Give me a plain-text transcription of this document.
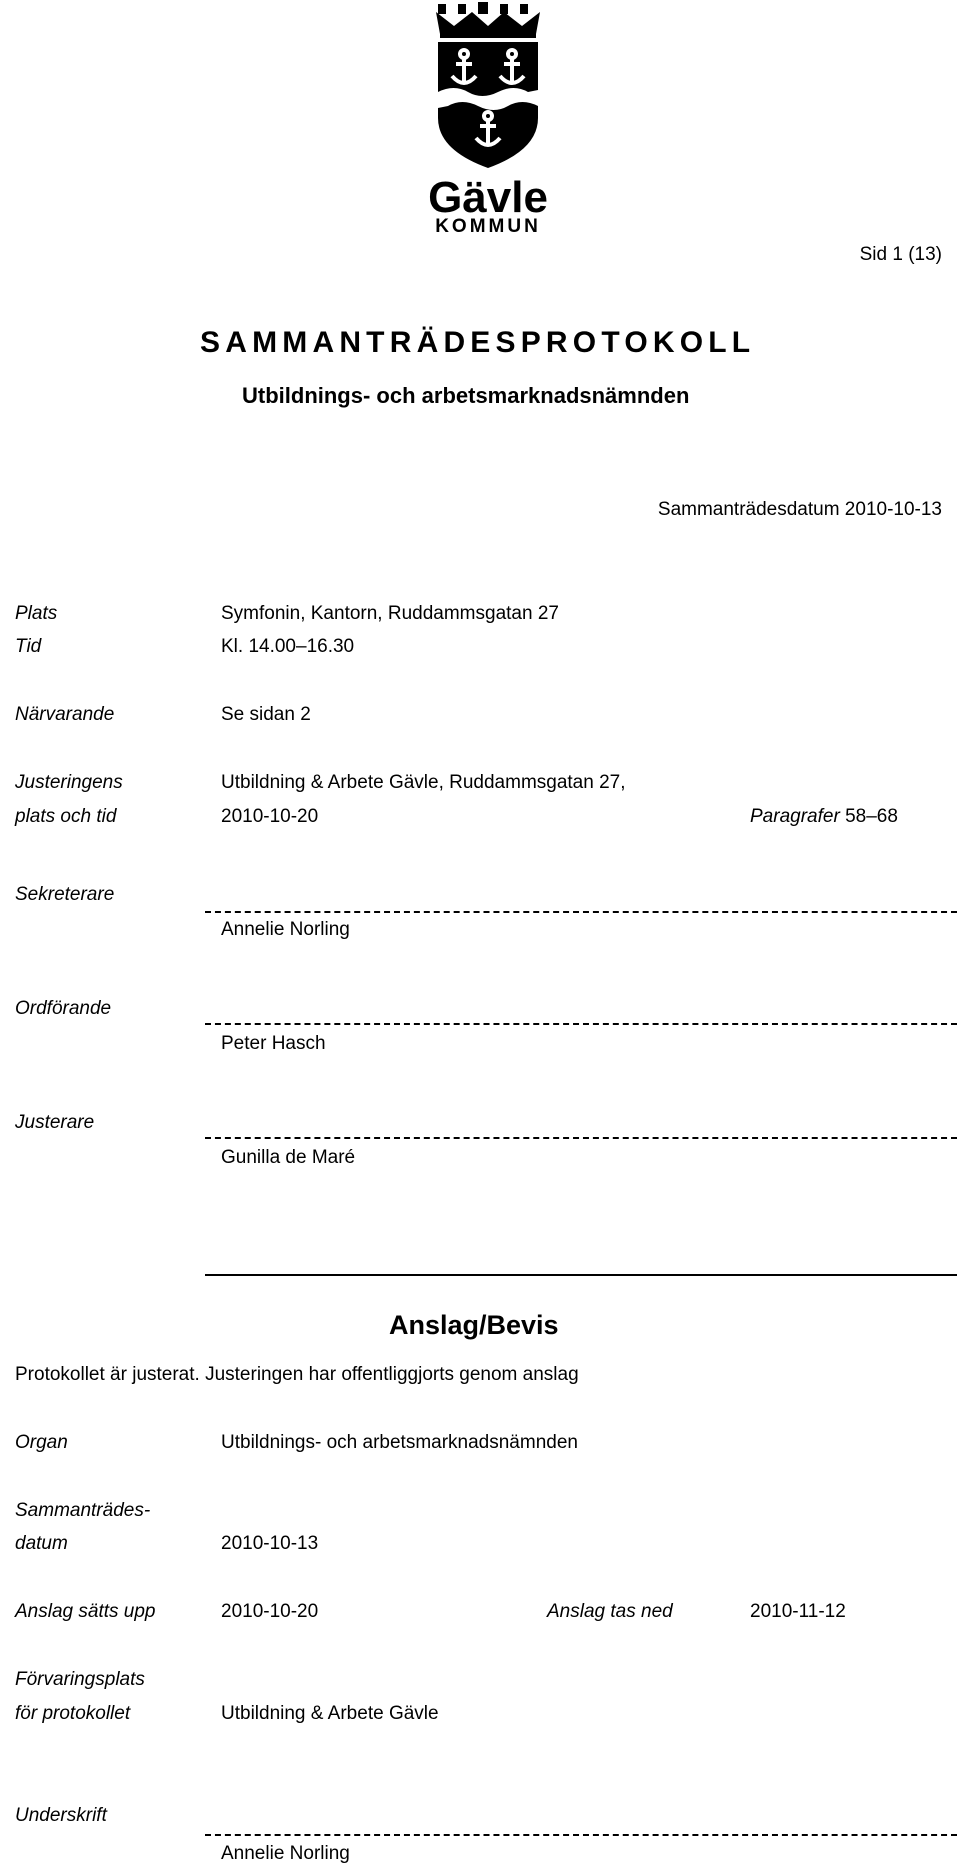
Gävle
KOMMUN
Sid 1 (13)
SAMMANTRÄDESPROTOKOLL
Utbildnings- och arbetsmarknadsnämnden
Sammanträdesdatum 2010-10-13
Plats	Symfonin, Kantorn, Ruddammsgatan 27
Tid	Kl. 14.00–16.30
Närvarande	Se sidan 2
Justeringens	Utbildning & Arbete Gävle, Ruddammsgatan 27,
plats och tid	2010-10-20	Paragrafer 58–68
Sekreterare
Annelie Norling
Ordförande
Peter Hasch
Justerare
Gunilla de Maré
Anslag/Bevis
Protokollet är justerat. Justeringen har offentliggjorts genom anslag
Organ	Utbildnings- och arbetsmarknadsnämnden
Sammanträdes-
datum	2010-10-13
Anslag sätts upp	2010-10-20	Anslag tas ned	2010-11-12
Förvaringsplats
för protokollet	Utbildning & Arbete Gävle
Underskrift
Annelie Norling
